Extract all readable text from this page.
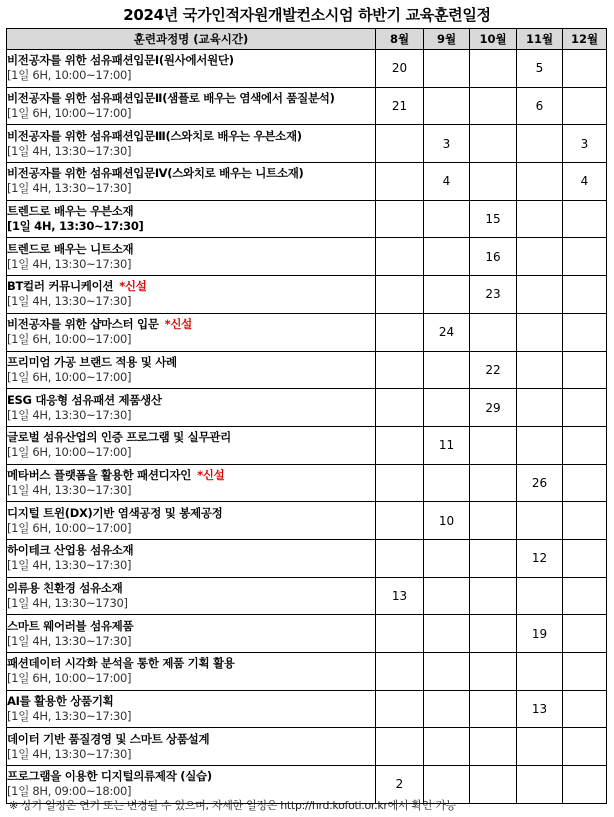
2024년 국가인적자원개발컨소시엄 하반기 교육훈련일정
훈련과정명 (교육시간)	8월	9월	10월	11월	12월

비전공자를 위한 섬유패션입문Ⅰ(원사에서원단)
[1일 6H, 10:00~17:00]	20			5	

비전공자를 위한 섬유패션입문Ⅱ(샘플로 배우는 염색에서 품질분석)
[1일 6H, 10:00~17:00]	21			6	

비전공자를 위한 섬유패션입문Ⅲ(스와치로 배우는 우븐소재)
[1일 4H, 13:30~17:30]		3			3

비전공자를 위한 섬유패션입문Ⅳ(스와치로 배우는 니트소재)
[1일 4H, 13:30~17:30]		4			4

트렌드로 배우는 우븐소재
[1일 4H, 13:30~17:30]			15		

트렌드로 배우는 니트소재
[1일 4H, 13:30~17:30]			16		

BT컬러 커뮤니케이션 *신설
[1일 4H, 13:30~17:30]			23		

비전공자를 위한 샵마스터 입문 *신설
[1일 6H, 10:00~17:00]		24			

프리미엄 가공 브랜드 적용 및 사례
[1일 6H, 10:00~17:00]			22		

ESG 대응형 섬유패션 제품생산
[1일 4H, 13:30~17:30]			29		

글로벌 섬유산업의 인증 프로그램 및 실무관리
[1일 6H, 10:00~17:00]		11			

메타버스 플랫폼을 활용한 패션디자인 *신설
[1일 4H, 13:30~17:30]				26	

디지털 트윈(DX)기반 염색공정 및 봉제공정
[1일 6H, 10:00~17:00]		10			

하이테크 산업용 섬유소재
[1일 4H, 13:30~17:30]				12	

의류용 친환경 섬유소재
[1일 4H, 13:30~1730]	13				

스마트 웨어러블 섬유제품
[1일 4H, 13:30~17:30]				19	

패션데이터 시각화 분석을 통한 제품 기획 활용
[1일 6H, 10:00~17:00]					

AI를 활용한 상품기획
[1일 4H, 13:30~17:30]				13	

데이터 기반 품질경영 및 스마트 상품설계
[1일 4H, 13:30~17:30]					

프로그램을 이용한 디지털의류제작 (실습)
[1일 8H, 09:00~18:00]	2				
※ 상기 일정은 연기 또는 변경될 수 있으며, 자세한 일정은 http://hrd.kofoti.or.kr에서 확인 가능
